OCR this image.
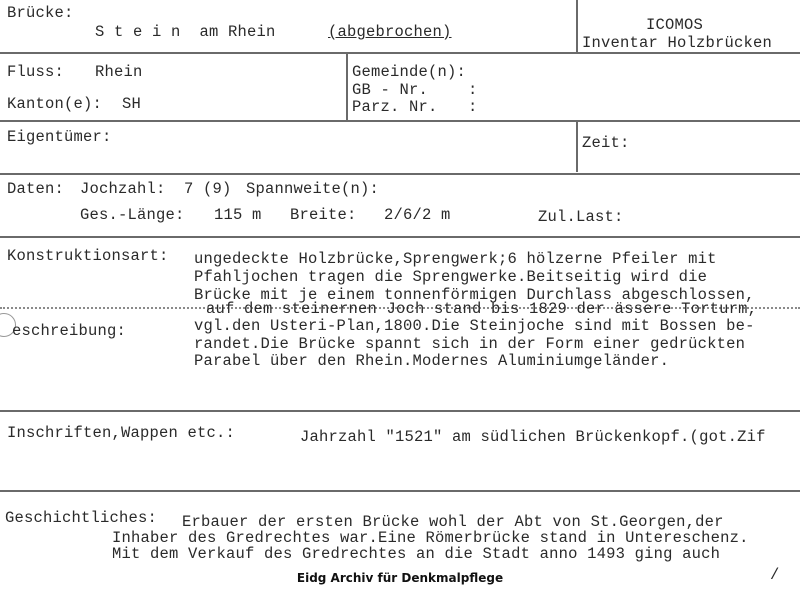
Brücke:
S t e i n  am Rhein	(abgebrochen)	ICOMOS
Inventar Holzbrücken
Fluss: Rhein
Kanton(e): SH
Gemeinde(n):
GB - Nr.	:
Parz. Nr. :
Eigentümer:	Zeit:
Daten: Jochzahl: 7 (9) Spannweite(n):
Ges.-Länge: 115 m Breite: 2/6/2 m	Zul.Last:
Konstruktionsart: ungedeckte Holzbrücke,Sprengwerk;6 hölzerne Pfeiler mit
Pfahljochen tragen die Sprengwerke.Beitseitig wird die
Brücke mit je einem tonnenförmigen Durchlass abgeschlossen,
auf dem steinernen Joch stand bis 1829 der ässere Torturm,
eschreibung:	vgl.den Usteri-Plan,1800.Die Steinjoche sind mit Bossen be-
randet.Die Brücke spannt sich in der Form einer gedrückten
Parabel über den Rhein.Modernes Aluminiumgeländer.
Inschriften,Wappen etc.:	Jahrzahl "1521" am südlichen Brückenkopf.(got.Zif
Geschichtliches: Erbauer der ersten Brücke wohl der Abt von St.Georgen,der
Inhaber des Gredrechtes war.Eine Römerbrücke stand in Untereschenz.
Mit dem Verkauf des Gredrechtes an die Stadt anno 1493 ging auch
/
Eidg Archiv für Denkmalpflege
